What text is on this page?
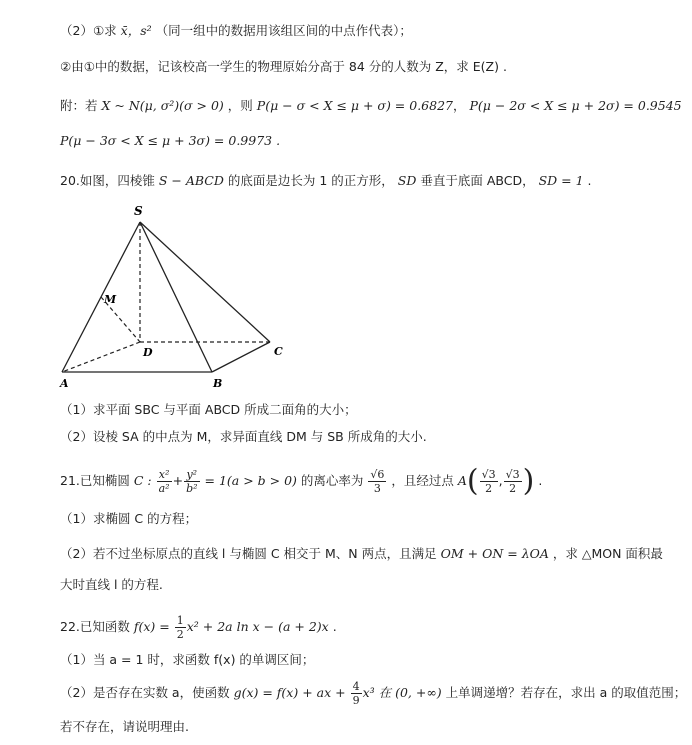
（2）①求 x̄，s² （同一组中的数据用该组区间的中点作代表）；
②由①中的数据，记该校高一学生的物理原始分高于 84 分的人数为 Z，求 E(Z) .
附：若 X ~ N(μ, σ²)(σ > 0) ，则 P(μ − σ < X ≤ μ + σ) = 0.6827， P(μ − 2σ < X ≤ μ + 2σ) = 0.9545
P(μ − 3σ < X ≤ μ + 3σ) = 0.9973 .
20.如图，四棱锥 S − ABCD 的底面是边长为 1 的正方形， SD 垂直于底面 ABCD， SD = 1 .
S
M
D	C
A	B
（1）求平面 SBC 与平面 ABCD 所成二面角的大小；
（2）设棱 SA 的中点为 M，求异面直线 DM 与 SB 所成角的大小.
21.已知椭圆 C : $\frac{\text{x²}}{\text{a²}} + \frac{\text{y²}}{\text{b²}} = 1(a > b > 0)$ 的离心率为 $\frac{√6}{3}$ ，且经过点 $A( \frac{√3}{2}$ , $\frac{√3}{2}$ ) .
（1）求椭圆 C 的方程；
（2）若不过坐标原点的直线 l 与椭圆 C 相交于 M、N 两点，且满足 OM + ON = λOA ，求 △MON 面积最
大时直线 l 的方程.
22.已知函数 $f(x) = \frac{1}{2} x^2 + 2a$ ln x − (a + 2)x .
（1）当 a = 1 时，求函数 f(x) 的单调区间；
（2）是否存在实数 a，使函数 g(x) = f(x) + ax + $\frac{4}{9} x^3$ 在 (0, +∞) 上单调递增？若存在，求出 a 的取值范围；
若不存在，请说明理由.
